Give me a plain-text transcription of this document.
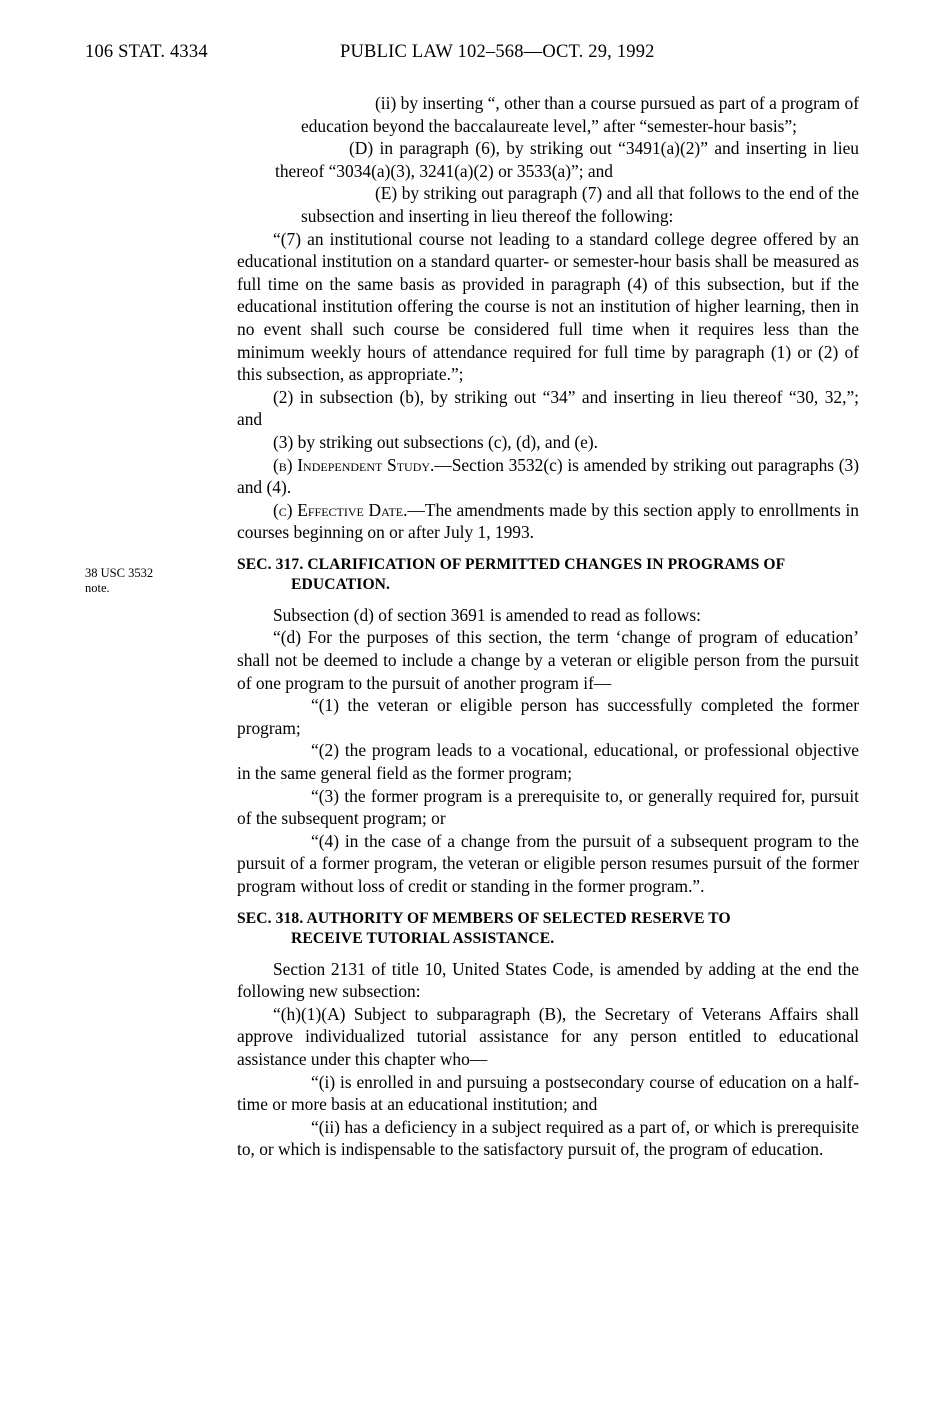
106 STAT. 4334	PUBLIC LAW 102–568—OCT. 29, 1992
38 USC 3532
note.

(ii) by inserting “, other than a course pursued as part of a program of education beyond the baccalaureate level,” after “semester-hour basis”;

(D) in paragraph (6), by striking out “3491(a)(2)” and inserting in lieu thereof “3034(a)(3), 3241(a)(2) or 3533(a)”; and

(E) by striking out paragraph (7) and all that follows to the end of the subsection and inserting in lieu thereof the following:

“(7) an institutional course not leading to a standard college degree offered by an educational institution on a standard quarter- or semester-hour basis shall be measured as full time on the same basis as provided in paragraph (4) of this subsection, but if the educational institution offering the course is not an institution of higher learning, then in no event shall such course be considered full time when it requires less than the minimum weekly hours of attendance required for full time by paragraph (1) or (2) of this subsection, as appropriate.”;

(2) in subsection (b), by striking out “34” and inserting in lieu thereof “30, 32,”; and

(3) by striking out subsections (c), (d), and (e).

(b) Independent Study.—Section 3532(c) is amended by striking out paragraphs (3) and (4).

(c) Effective Date.—The amendments made by this section apply to enrollments in courses beginning on or after July 1, 1993.

SEC. 317. CLARIFICATION OF PERMITTED CHANGES IN PROGRAMS OF
EDUCATION.

Subsection (d) of section 3691 is amended to read as follows:

“(d) For the purposes of this section, the term ‘change of program of education’ shall not be deemed to include a change by a veteran or eligible person from the pursuit of one program to the pursuit of another program if—

“(1) the veteran or eligible person has successfully completed the former program;

“(2) the program leads to a vocational, educational, or professional objective in the same general field as the former program;

“(3) the former program is a prerequisite to, or generally required for, pursuit of the subsequent program; or

“(4) in the case of a change from the pursuit of a subsequent program to the pursuit of a former program, the veteran or eligible person resumes pursuit of the former program without loss of credit or standing in the former program.”.

SEC. 318. AUTHORITY OF MEMBERS OF SELECTED RESERVE TO
RECEIVE TUTORIAL ASSISTANCE.

Section 2131 of title 10, United States Code, is amended by adding at the end the following new subsection:

“(h)(1)(A) Subject to subparagraph (B), the Secretary of Veterans Affairs shall approve individualized tutorial assistance for any person entitled to educational assistance under this chapter who—

“(i) is enrolled in and pursuing a postsecondary course of education on a half-time or more basis at an educational institution; and

“(ii) has a deficiency in a subject required as a part of, or which is prerequisite to, or which is indispensable to the satisfactory pursuit of, the program of education.
